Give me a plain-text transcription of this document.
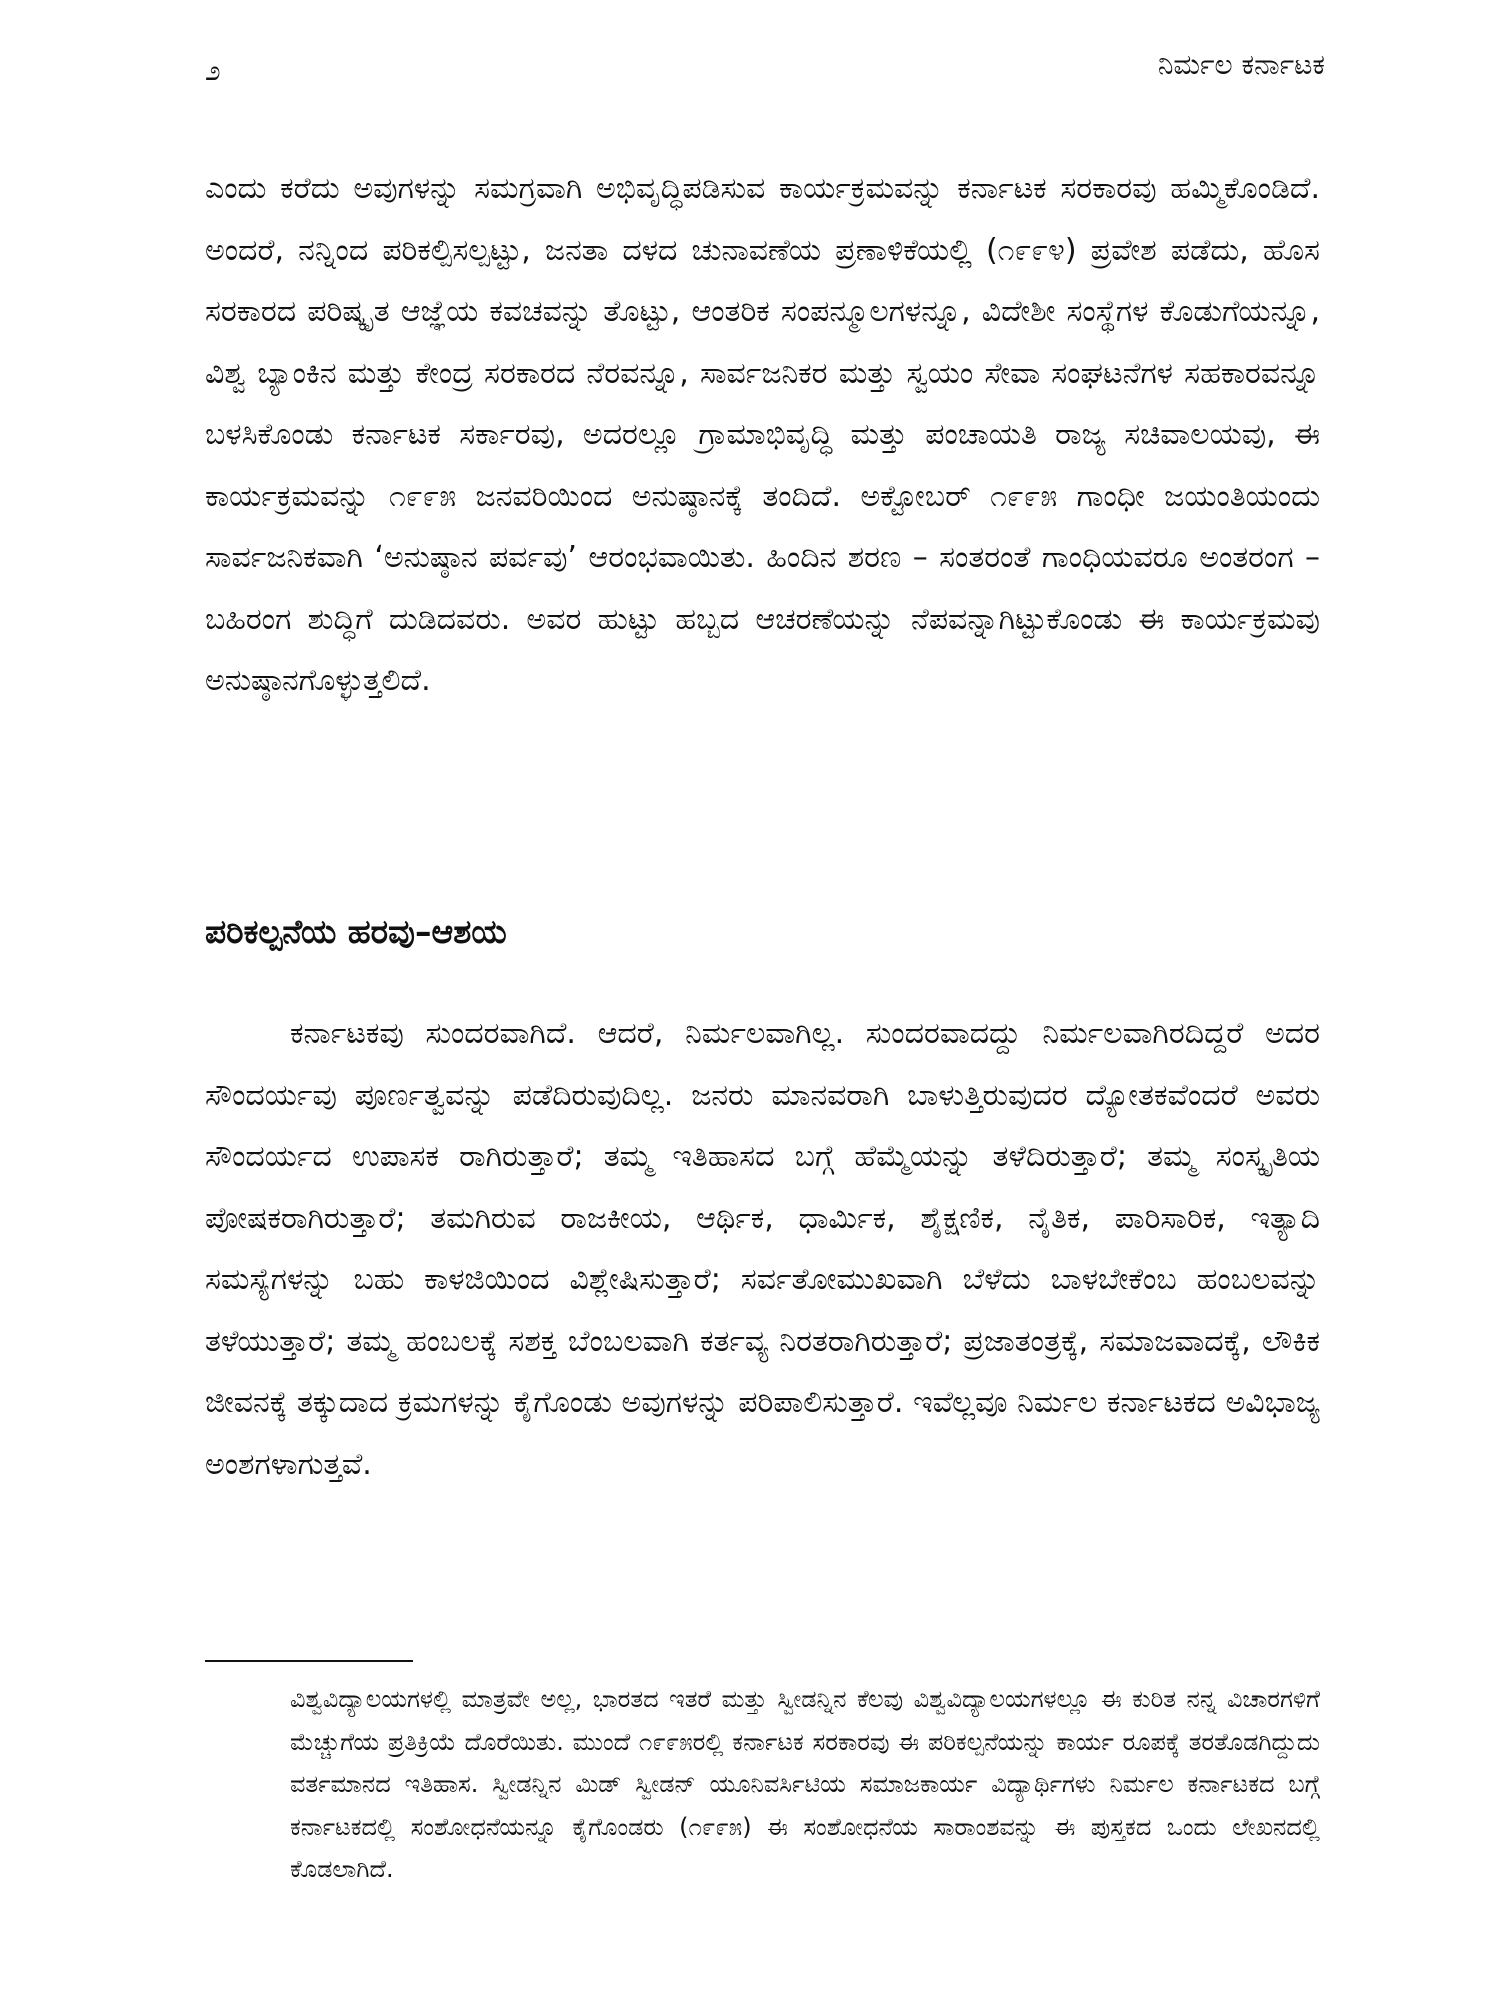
೨	ನಿರ್ಮಲ ಕರ್ನಾಟಕ

ಎಂದು ಕರೆದು ಅವುಗಳನ್ನು ಸಮಗ್ರವಾಗಿ ಅಭಿವೃದ್ಧಿಪಡಿಸುವ ಕಾರ್ಯಕ್ರಮವನ್ನು ಕರ್ನಾಟಕ ಸರಕಾರವು ಹಮ್ಮಿಕೊಂಡಿದೆ. ಅಂದರೆ, ನನ್ನಿಂದ ಪರಿಕಲ್ಪಿಸಲ್ಪಟ್ಟು, ಜನತಾ ದಳದ ಚುನಾವಣೆಯ ಪ್ರಣಾಳಿಕೆಯಲ್ಲಿ (೧೯೯೪) ಪ್ರವೇಶ ಪಡೆದು, ಹೊಸ ಸರಕಾರದ ಪರಿಷ್ಕೃತ ಆಜ್ಞೆಯ ಕವಚವನ್ನು ತೊಟ್ಟು, ಆಂತರಿಕ ಸಂಪನ್ಮೂಲಗಳನ್ನೂ, ವಿದೇಶೀ ಸಂಸ್ಥೆಗಳ ಕೊಡುಗೆಯನ್ನೂ, ವಿಶ್ವ ಬ್ಯಾಂಕಿನ ಮತ್ತು ಕೇಂದ್ರ ಸರಕಾರದ ನೆರವನ್ನೂ, ಸಾರ್ವಜನಿಕರ ಮತ್ತು ಸ್ವಯಂ ಸೇವಾ ಸಂಘಟನೆಗಳ ಸಹಕಾರವನ್ನೂ ಬಳಸಿಕೊಂಡು ಕರ್ನಾಟಕ ಸರ್ಕಾರವು, ಅದರಲ್ಲೂ ಗ್ರಾಮಾಭಿವೃದ್ಧಿ ಮತ್ತು ಪಂಚಾಯತಿ ರಾಜ್ಯ ಸಚಿವಾಲಯವು, ಈ ಕಾರ್ಯಕ್ರಮವನ್ನು ೧೯೯೫ ಜನವರಿಯಿಂದ ಅನುಷ್ಠಾನಕ್ಕೆ ತಂದಿದೆ. ಅಕ್ಟೋಬರ್ ೧೯೯೫ ಗಾಂಧೀ ಜಯಂತಿಯಂದು ಸಾರ್ವಜನಿಕವಾಗಿ ‘ಅನುಷ್ಠಾನ ಪರ್ವವು’ ಆರಂಭವಾಯಿತು. ಹಿಂದಿನ ಶರಣ – ಸಂತರಂತೆ ಗಾಂಧಿಯವರೂ ಅಂತರಂಗ – ಬಹಿರಂಗ ಶುದ್ಧಿಗೆ ದುಡಿದವರು. ಅವರ ಹುಟ್ಟು ಹಬ್ಬದ ಆಚರಣೆಯನ್ನು ನೆಪವನ್ನಾಗಿಟ್ಟುಕೊಂಡು ಈ ಕಾರ್ಯಕ್ರಮವು ಅನುಷ್ಠಾನಗೊಳ್ಳುತ್ತಲಿದೆ.

ಪರಿಕಲ್ಪನೆಯ ಹರವು–ಆಶಯ

ಕರ್ನಾಟಕವು ಸುಂದರವಾಗಿದೆ. ಆದರೆ, ನಿರ್ಮಲವಾಗಿಲ್ಲ. ಸುಂದರವಾದದ್ದು ನಿರ್ಮಲವಾಗಿರದಿದ್ದರೆ ಅದರ ಸೌಂದರ್ಯವು ಪೂರ್ಣತ್ವವನ್ನು ಪಡೆದಿರುವುದಿಲ್ಲ. ಜನರು ಮಾನವರಾಗಿ ಬಾಳುತ್ತಿರುವುದರ ದ್ಯೋತಕವೆಂದರೆ ಅವರು ಸೌಂದರ್ಯದ ಉಪಾಸಕ ರಾಗಿರುತ್ತಾರೆ; ತಮ್ಮ ಇತಿಹಾಸದ ಬಗ್ಗೆ ಹೆಮ್ಮೆಯನ್ನು ತಳೆದಿರುತ್ತಾರೆ; ತಮ್ಮ ಸಂಸ್ಕೃತಿಯ ಪೋಷಕರಾಗಿರುತ್ತಾರೆ; ತಮಗಿರುವ ರಾಜಕೀಯ, ಆರ್ಥಿಕ, ಧಾರ್ಮಿಕ, ಶೈಕ್ಷಣಿಕ, ನೈತಿಕ, ಪಾರಿಸಾರಿಕ, ಇತ್ಯಾದಿ ಸಮಸ್ಯೆಗಳನ್ನು ಬಹು ಕಾಳಜಿಯಿಂದ ವಿಶ್ಲೇಷಿಸುತ್ತಾರೆ; ಸರ್ವತೋಮುಖವಾಗಿ ಬೆಳೆದು ಬಾಳಬೇಕೆಂಬ ಹಂಬಲವನ್ನು ತಳೆಯುತ್ತಾರೆ; ತಮ್ಮ ಹಂಬಲಕ್ಕೆ ಸಶಕ್ತ ಬೆಂಬಲವಾಗಿ ಕರ್ತವ್ಯ ನಿರತರಾಗಿರುತ್ತಾರೆ; ಪ್ರಜಾತಂತ್ರಕ್ಕೆ, ಸಮಾಜವಾದಕ್ಕೆ, ಲೌಕಿಕ ಜೀವನಕ್ಕೆ ತಕ್ಕುದಾದ ಕ್ರಮಗಳನ್ನು ಕೈಗೊಂಡು ಅವುಗಳನ್ನು ಪರಿಪಾಲಿಸುತ್ತಾರೆ. ಇವೆಲ್ಲವೂ ನಿರ್ಮಲ ಕರ್ನಾಟಕದ ಅವಿಭಾಜ್ಯ ಅಂಶಗಳಾಗುತ್ತವೆ.

ವಿಶ್ವವಿದ್ಯಾಲಯಗಳಲ್ಲಿ ಮಾತ್ರವೇ ಅಲ್ಲ, ಭಾರತದ ಇತರೆ ಮತ್ತು ಸ್ವೀಡನ್ನಿನ ಕೆಲವು ವಿಶ್ವವಿದ್ಯಾಲಯಗಳಲ್ಲೂ ಈ ಕುರಿತ ನನ್ನ ವಿಚಾರಗಳಿಗೆ ಮೆಚ್ಚುಗೆಯ ಪ್ರತಿಕ್ರಿಯೆ ದೊರೆಯಿತು. ಮುಂದೆ ೧೯೯೫ರಲ್ಲಿ ಕರ್ನಾಟಕ ಸರಕಾರವು ಈ ಪರಿಕಲ್ಪನೆಯನ್ನು ಕಾರ್ಯ ರೂಪಕ್ಕೆ ತರತೊಡಗಿದ್ದುದು ವರ್ತಮಾನದ ಇತಿಹಾಸ. ಸ್ವೀಡನ್ನಿನ ಮಿಡ್ ಸ್ವೀಡನ್ ಯೂನಿವರ್ಸಿಟಿಯ ಸಮಾಜಕಾರ್ಯ ವಿದ್ಯಾರ್ಥಿಗಳು ನಿರ್ಮಲ ಕರ್ನಾಟಕದ ಬಗ್ಗೆ ಕರ್ನಾಟಕದಲ್ಲಿ ಸಂಶೋಧನೆಯನ್ನೂ ಕೈಗೊಂಡರು (೧೯೯೫) ಈ ಸಂಶೋಧನೆಯ ಸಾರಾಂಶವನ್ನು ಈ ಪುಸ್ತಕದ ಒಂದು ಲೇಖನದಲ್ಲಿ ಕೊಡಲಾಗಿದೆ.
